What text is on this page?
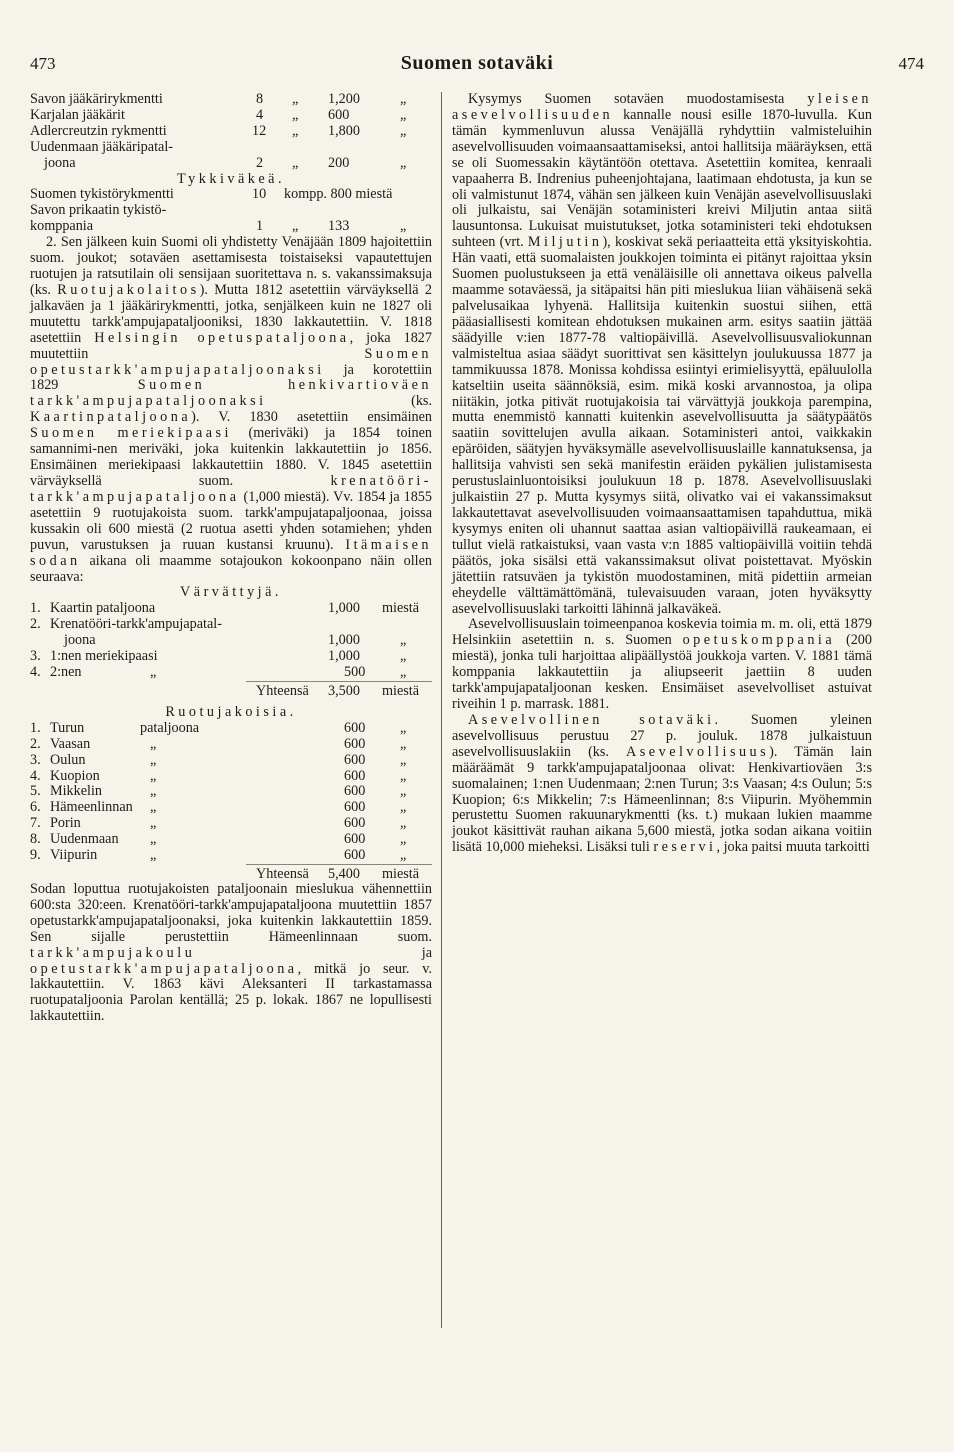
473	Suomen sotaväki	474
Savon jääkärirykmentti	8 „ 1,200	„
Karjalan jääkärit	4 „ 600	„
Adlercreutzin rykmentti	12 „ 1,800	„
Uudenmaan jääkäripatal-
joona	2 „ 200	„
Tykkiväkeä.
Suomen tykistörykmentti	10 kompp. 800 miestä
Savon prikaatin tykistö-
komppania	1 „ 133	„

2. Sen jälkeen kuin Suomi oli yhdistetty Venäjään 1809 hajoitettiin suom. joukot; sotaväen asettamisesta toistaiseksi vapautettujen ruotujen ja ratsutilain oli sensijaan suoritettava n. s. vakanssimaksuja (ks. Ruotujakolaitos). Mutta 1812 asetettiin värväyksellä 2 jalkaväen ja 1 jääkärirykmentti, jotka, senjälkeen kuin ne 1827 oli muutettu tarkk'ampujapataljooniksi, 1830 lakkautettiin. V. 1818 asetettiin Helsingin opetuspataljoona, joka 1827 muutettiin Suomen opetustarkk'ampujapataljoonaksi ja korotettiin 1829 Suomen henkivartioväen tarkk'ampujapataljoonaksi (ks. Kaartinpataljoona). V. 1830 asetettiin ensimäinen Suomen meriekipaasi (meriväki) ja 1854 toinen samannimi-nen meriväki, joka kuitenkin lakkautettiin jo 1856. Ensimäinen meriekipaasi lakkautettiin 1880. V. 1845 asetettiin värväyksellä suom. krenatööri-tarkk'ampujapataljoona (1,000 miestä). Vv. 1854 ja 1855 asetettiin 9 ruotujakoista suom. tarkk'ampujatapaljoonaa, joissa kussakin oli 600 miestä (2 ruotua asetti yhden sotamiehen; yhden puvun, varustuksen ja ruuan kustansi kruunu). Itämaisen sodan aikana oli maamme sotajoukon kokoonpano näin ollen seuraava:

Värvättyjä.
1. Kaartin pataljoona	1,000 miestä
2. Krenatööri-tarkk'ampujapatal-
joona	1,000	„
3. 1:nen meriekipaasi	1,000	„
4. 2:nen	„	500 „
Yhteensä 3,500 miestä
Ruotujakoisia.
1. Turun	pataljoona	600 „
2. Vaasan	„	600 „
3. Oulun	„	600 „
4. Kuopion	„	600 „
5. Mikkelin	„	600 „
6. Hämeenlinnan „	600 „
7. Porin	„	600 „
8. Uudenmaan „	600 „
9. Viipurin	„	600 „
Yhteensä 5,400 miestä

Sodan loputtua ruotujakoisten pataljoonain mieslukua vähennettiin 600:sta 320:een. Krenatööri-tarkk'ampujapataljoona muutettiin 1857 opetustarkk'ampujapataljoonaksi, joka kuitenkin lakkautettiin 1859. Sen sijalle perustettiin Hämeenlinnaan suom. tarkk'ampujakoulu ja opetustarkk'ampujapataljoona, mitkä jo seur. v. lakkautettiin. V. 1863 kävi Aleksanteri II tarkastamassa ruotupataljoonia Parolan kentällä; 25 p. lokak. 1867 ne lopullisesti lakkautettiin.

Kysymys Suomen sotaväen muodostamisesta yleisen asevelvollisuuden kannalle nousi esille 1870-luvulla. Kun tämän kymmenluvun alussa Venäjällä ryhdyttiin valmisteluihin asevelvollisuuden voimaansaattamiseksi, antoi hallitsija määräyksen, että se oli Suomessakin käytäntöön otettava. Asetettiin komitea, kenraali vapaaherra B. Indrenius puheenjohtajana, laatimaan ehdotusta, ja kun se oli valmistunut 1874, vähän sen jälkeen kuin Venäjän asevelvollisuuslaki oli julkaistu, sai Venäjän sotaministeri kreivi Miljutin antaa siitä lausuntonsa. Lukuisat muistutukset, jotka sotaministeri teki ehdotuksen suhteen (vrt. Miljutin), koskivat sekä periaatteita että yksityiskohtia. Hän vaati, että suomalaisten joukkojen toiminta ei pitänyt rajoittaa yksin Suomen puolustukseen ja että venäläisille oli annettava oikeus palvella maamme sotaväessä, ja sitäpaitsi hän piti mieslukua liian vähäisenä sekä palvelusaikaa lyhyenä. Hallitsija kuitenkin suostui siihen, että pääasiallisesti komitean ehdotuksen mukainen arm. esitys saatiin jättää säädyille v:ien 1877-78 valtiopäivillä. Asevelvollisuusvaliokunnan valmisteltua asiaa säädyt suorittivat sen käsittelyn joulukuussa 1877 ja tammikuussa 1878. Monissa kohdissa esiintyi erimielisyyttä, epäluulolla katseltiin useita säännöksiä, esim. mikä koski arvannostoa, ja olipa niitäkin, jotka pitivät ruotujakoisia tai värvättyjä joukkoja parempina, mutta enemmistö kannatti kuitenkin asevelvollisuutta ja säätypäätös saatiin sovittelujen avulla aikaan. Sotaministeri antoi, vaikkakin epäröiden, säätyjen hyväksymälle asevelvollisuuslaille kannatuksensa, ja hallitsija vahvisti sen sekä manifestin eräiden pykälien julistamisesta perustuslainluontoisiksi joulukuun 18 p. 1878. Asevelvollisuuslaki julkaistiin 27 p. Mutta kysymys siitä, olivatko vai ei vakanssimaksut lakkautettavat asevelvollisuuden voimaansaattamisen tapahduttua, mikä kysymys eniten oli uhannut saattaa asian valtiopäivillä raukeamaan, ei tullut vielä ratkaistuksi, vaan vasta v:n 1885 valtiopäivillä voitiin tehdä päätös, joka sisälsi että vakanssimaksut olivat poistettavat. Myöskin jätettiin ratsuväen ja tykistön muodostaminen, mitä pidettiin armeian eheydelle välttämättömänä, tulevaisuuden varaan, joten hyväksytty asevelvollisuuslaki tarkoitti lähinnä jalkaväkeä.

Asevelvollisuuslain toimeenpanoa koskevia toimia m. m. oli, että 1879 Helsinkiin asetettiin n. s. Suomen opetuskomppania (200 miestä), jonka tuli harjoittaa alipäällystöä joukkoja varten. V. 1881 tämä komppania lakkautettiin ja aliupseerit jaettiin 8 uuden tarkk'ampujapataljoonan kesken. Ensimäiset asevelvolliset astuivat riveihin 1 p. marrask. 1881.

Asevelvollinen sotaväki. Suomen yleinen asevelvollisuus perustuu 27 p. jouluk. 1878 julkaistuun asevelvollisuuslakiin (ks. Asevelvollisuus). Tämän lain määräämät 9 tarkk'ampujapataljoonaa olivat: Henkivartioväen 3:s suomalainen; 1:nen Uudenmaan; 2:nen Turun; 3:s Vaasan; 4:s Oulun; 5:s Kuopion; 6:s Mikkelin; 7:s Hämeenlinnan; 8:s Viipurin. Myöhemmin perustettu Suomen rakuunarykmentti (ks. t.) mukaan lukien maamme joukot käsittivät rauhan aikana 5,600 miestä, jotka sodan aikana voitiin lisätä 10,000 mieheksi. Lisäksi tuli reservi, joka paitsi muuta tarkoitti
